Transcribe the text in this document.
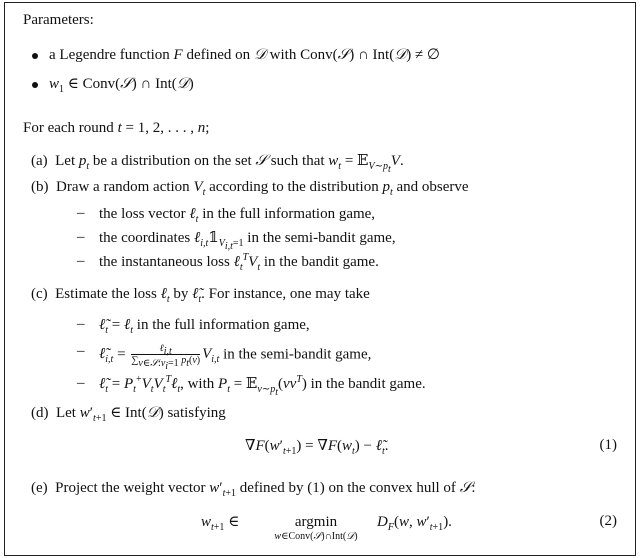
Parameters:
a Legendre function F defined on 𝒟 with Conv(𝒮) ∩ Int(𝒟) ≠ ∅
$w_1$ ∈ Conv(𝒮) ∩ Int(𝒟)
For each round t = 1, 2, . . . , n;
(a)  Let $p_t$ be a distribution on the set 𝒮 such that $w_t$ = 𝔼$_{V\sim p_t}$V.
(b)  Draw a random action $V_t$ according to the distribution $p_t$ and observe
– the loss vector ℓ$_t$ in the full information game,
– the coordinates $\ell_{i,t}𝟙_{V_{i,t}=1}$ in the semi-bandit game,
– the instantaneous loss $\ell_t^TV_t$ in the bandit game.
(c)  Estimate the loss ℓ$_t$ by $\ell̃_t$. For instance, one may take
– $\ell̃_t$ = ℓ$_t$ in the full information game,
– $\ell̃_{i,t}$ =	ℓ$_{i,t}$
$\sum_{v\in 𝒮:v_i=1}$ $p_t(v)$ $V_{i,t}$ in the semi-bandit game,
– $\ell̃_t$ = $P_t^+V_tV_t^T\ell_t$, with $P_t$ = $𝔼_{v\sim p_t}(vv^T)$ in the bandit game.
(d)  Let $w'_{t+1}$ ∈ Int(𝒟) satisfying
$\nabla F(w'_{t+1}) = \nabla F(w_t)$ − $\ell̃_t$.	(1)
(e)  Project the weight vector $w'_{t+1}$ defined by (1) on the convex hull of 𝒮:
$w_{t+1}$ ∈	argmin
w∈Conv(𝒮)∩Int(𝒟)
$D_F(w$, $w'_{t+1}$).	(2)
